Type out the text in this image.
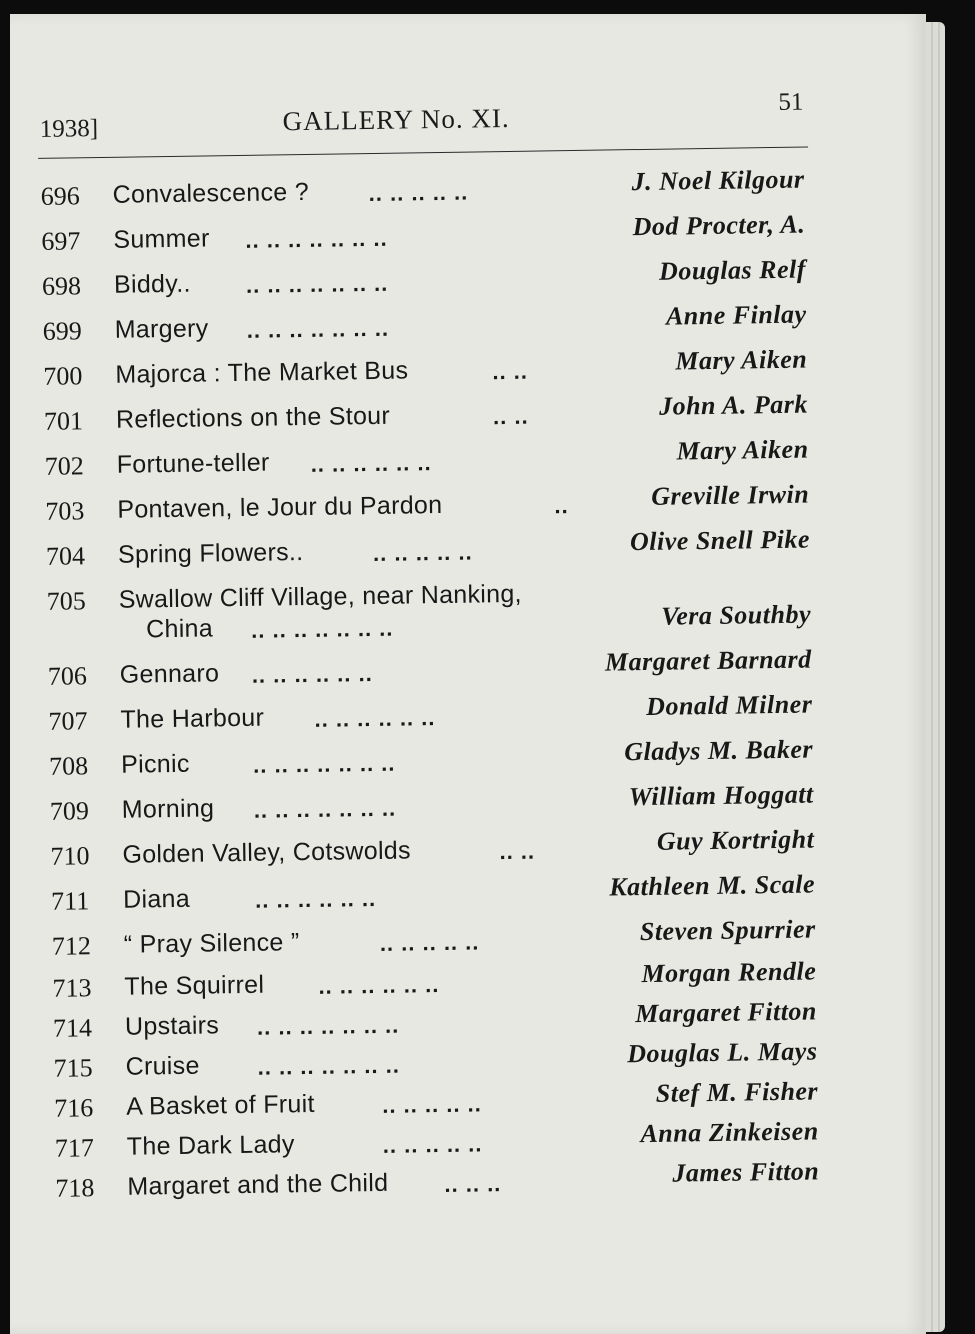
1938]	GALLERY No. XI.
51
696 Convalescence ?	.. .. .. .. ..	J. Noel Kilgour
697 Summer .. .. .. .. .. .. ..	Dod Procter, A.
698 Biddy.. .. .. .. .. .. .. ..	Douglas Relf
699 Margery .. .. .. .. .. .. ..	Anne Finlay
700 Majorca : The Market Bus	.. ..	Mary Aiken
701 Reflections on the Stour	.. ..	John A. Park
702 Fortune-teller .. .. .. .. .. ..	Mary Aiken
703 Pontaven, le Jour du Pardon	..	Greville Irwin
704 Spring Flowers..	.. .. .. .. ..	Olive Snell Pike
705 Swallow Cliff Village, near Nanking,
China .. .. .. .. .. .. ..	Vera Southby
706 Gennaro .. .. .. .. .. ..	Margaret Barnard
707 The Harbour .. .. .. .. .. ..	Donald Milner
708 Picnic	.. .. .. .. .. .. ..	Gladys M. Baker
709 Morning .. .. .. .. .. .. ..	William Hoggatt
710 Golden Valley, Cotswolds	.. ..	Guy Kortright
711 Diana	.. .. .. .. .. ..	Kathleen M. Scale
712 “ Pray Silence ”	.. .. .. .. ..	Steven Spurrier
713 The Squirrel .. .. .. .. .. ..	Morgan Rendle
714 Upstairs .. .. .. .. .. .. ..	Margaret Fitton
715 Cruise	.. .. .. .. .. .. ..	Douglas L. Mays
716 A Basket of Fruit	.. .. .. .. ..	Stef M. Fisher
717 The Dark Lady	.. .. .. .. ..	Anna Zinkeisen
718 Margaret and the Child	.. .. ..	James Fitton
